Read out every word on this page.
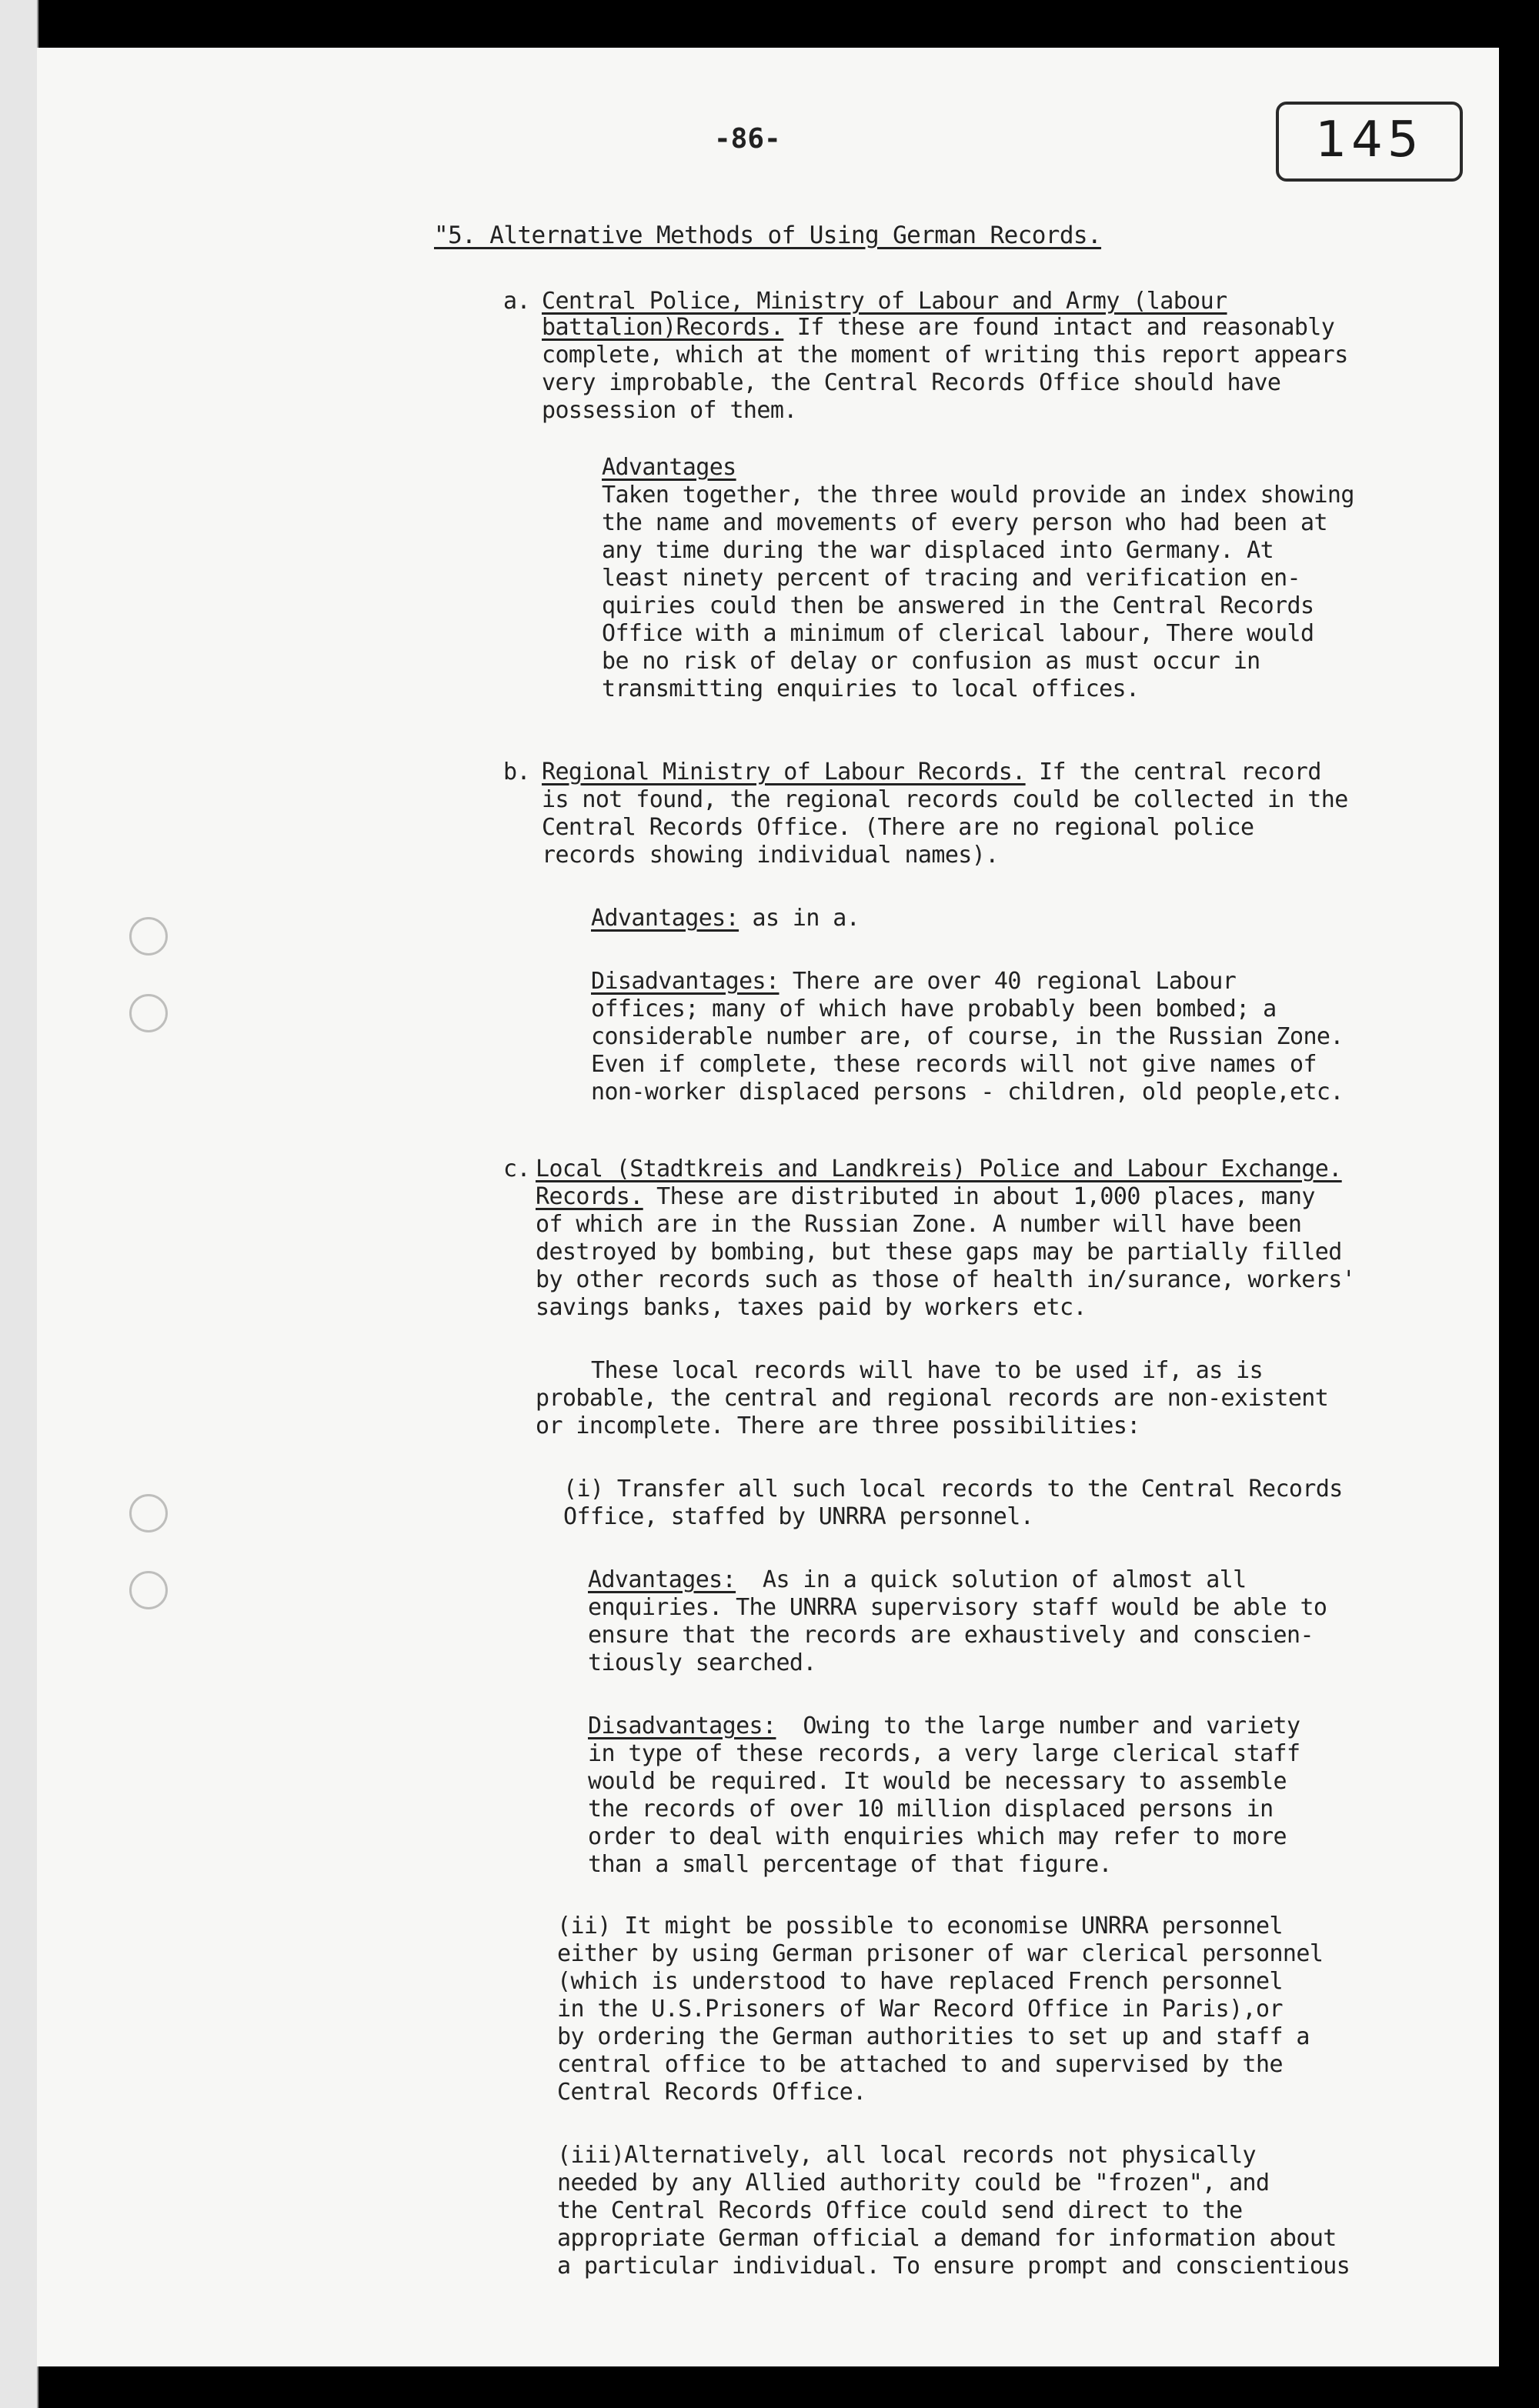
-86-	145
"5. Alternative Methods of Using German Records.
a. Central Police, Ministry of Labour and Army (labour
battalion)Records. If these are found intact and reasonably
complete, which at the moment of writing this report appears
very improbable, the Central Records Office should have
possession of them.
Advantages
Taken together, the three would provide an index showing
the name and movements of every person who had been at
any time during the war displaced into Germany. At
least ninety percent of tracing and verification en-
quiries could then be answered in the Central Records
Office with a minimum of clerical labour, There would
be no risk of delay or confusion as must occur in
transmitting enquiries to local offices.
b. Regional Ministry of Labour Records. If the central record
is not found, the regional records could be collected in the
Central Records Office. (There are no regional police
records showing individual names).
Advantages: as in a.
Disadvantages: There are over 40 regional Labour
offices; many of which have probably been bombed; a
considerable number are, of course, in the Russian Zone.
Even if complete, these records will not give names of
non-worker displaced persons - children, old people,etc.
c. Local (Stadtkreis and Landkreis) Police and Labour Exchange.
Records. These are distributed in about 1,000 places, many
of which are in the Russian Zone. A number will have been
destroyed by bombing, but these gaps may be partially filled
by other records such as those of health in/surance, workers'
savings banks, taxes paid by workers etc.
These local records will have to be used if, as is
probable, the central and regional records are non-existent
or incomplete. There are three possibilities:
(i) Transfer all such local records to the Central Records
Office, staffed by UNRRA personnel.
Advantages:  As in a quick solution of almost all
enquiries. The UNRRA supervisory staff would be able to
ensure that the records are exhaustively and conscien-
tiously searched.
Disadvantages:  Owing to the large number and variety
in type of these records, a very large clerical staff
would be required. It would be necessary to assemble
the records of over 10 million displaced persons in
order to deal with enquiries which may refer to more
than a small percentage of that figure.
(ii) It might be possible to economise UNRRA personnel
either by using German prisoner of war clerical personnel
(which is understood to have replaced French personnel
in the U.S.Prisoners of War Record Office in Paris),or
by ordering the German authorities to set up and staff a
central office to be attached to and supervised by the
Central Records Office.
(iii)Alternatively, all local records not physically
needed by any Allied authority could be "frozen", and
the Central Records Office could send direct to the
appropriate German official a demand for information about
a particular individual. To ensure prompt and conscientious
